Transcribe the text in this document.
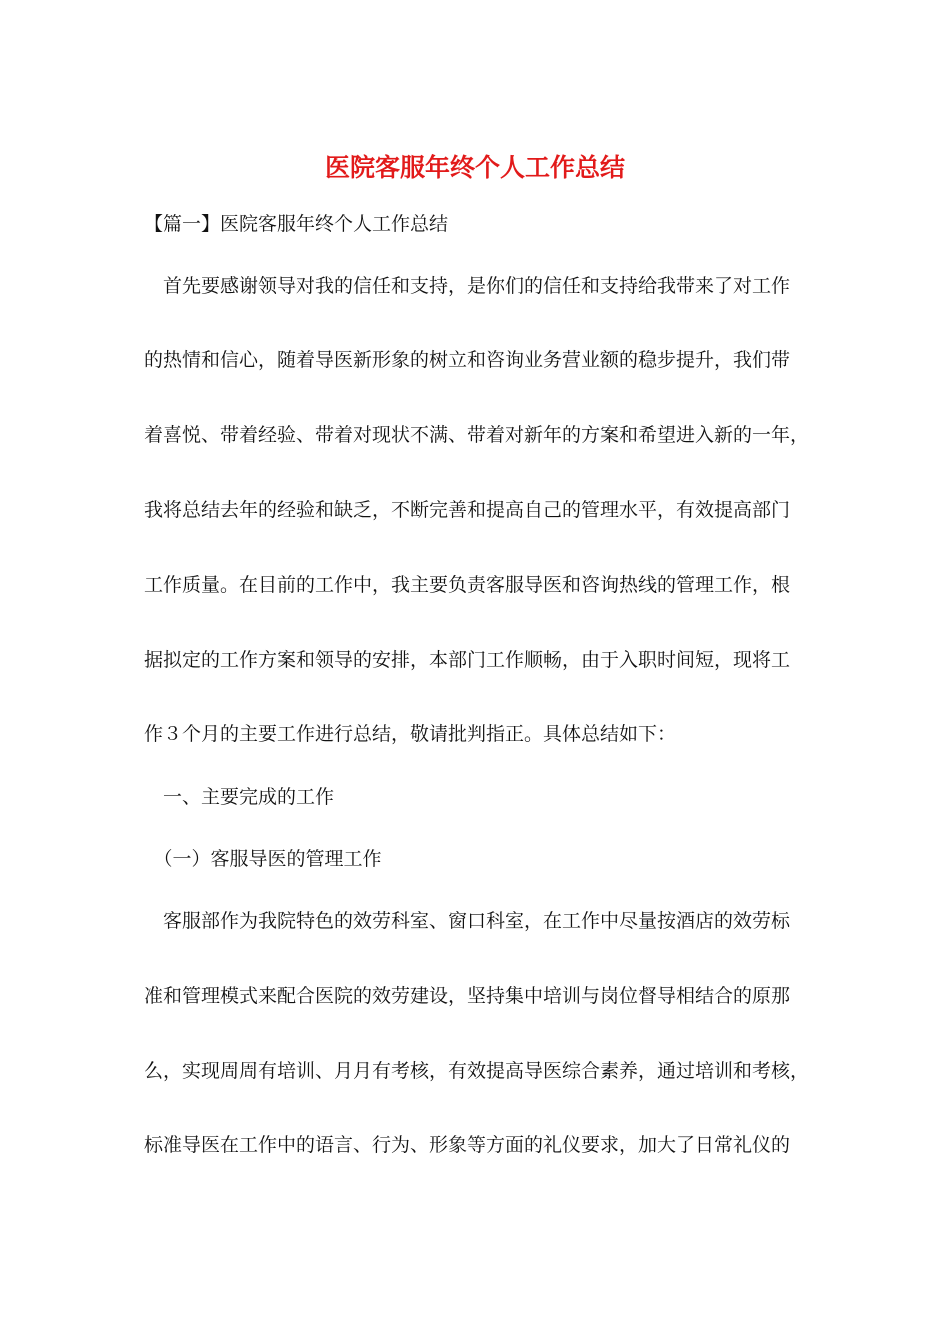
医院客服年终个人工作总结

【篇一】医院客服年终个人工作总结

　首先要感谢领导对我的信任和支持，是你们的信任和支持给我带来了对工作

的热情和信心，随着导医新形象的树立和咨询业务营业额的稳步提升，我们带

着喜悦、带着经验、带着对现状不满、带着对新年的方案和希望进入新的一年，

我将总结去年的经验和缺乏，不断完善和提高自己的管理水平，有效提高部门

工作质量。在目前的工作中，我主要负责客服导医和咨询热线的管理工作，根

据拟定的工作方案和领导的安排，本部门工作顺畅，由于入职时间短，现将工

作３个月的主要工作进行总结，敬请批判指正。具体总结如下：

　一、主要完成的工作

　（一）客服导医的管理工作

　客服部作为我院特色的效劳科室、窗口科室，在工作中尽量按酒店的效劳标

准和管理模式来配合医院的效劳建设，坚持集中培训与岗位督导相结合的原那

么，实现周周有培训、月月有考核，有效提高导医综合素养，通过培训和考核，

标准导医在工作中的语言、行为、形象等方面的礼仪要求，加大了日常礼仪的
